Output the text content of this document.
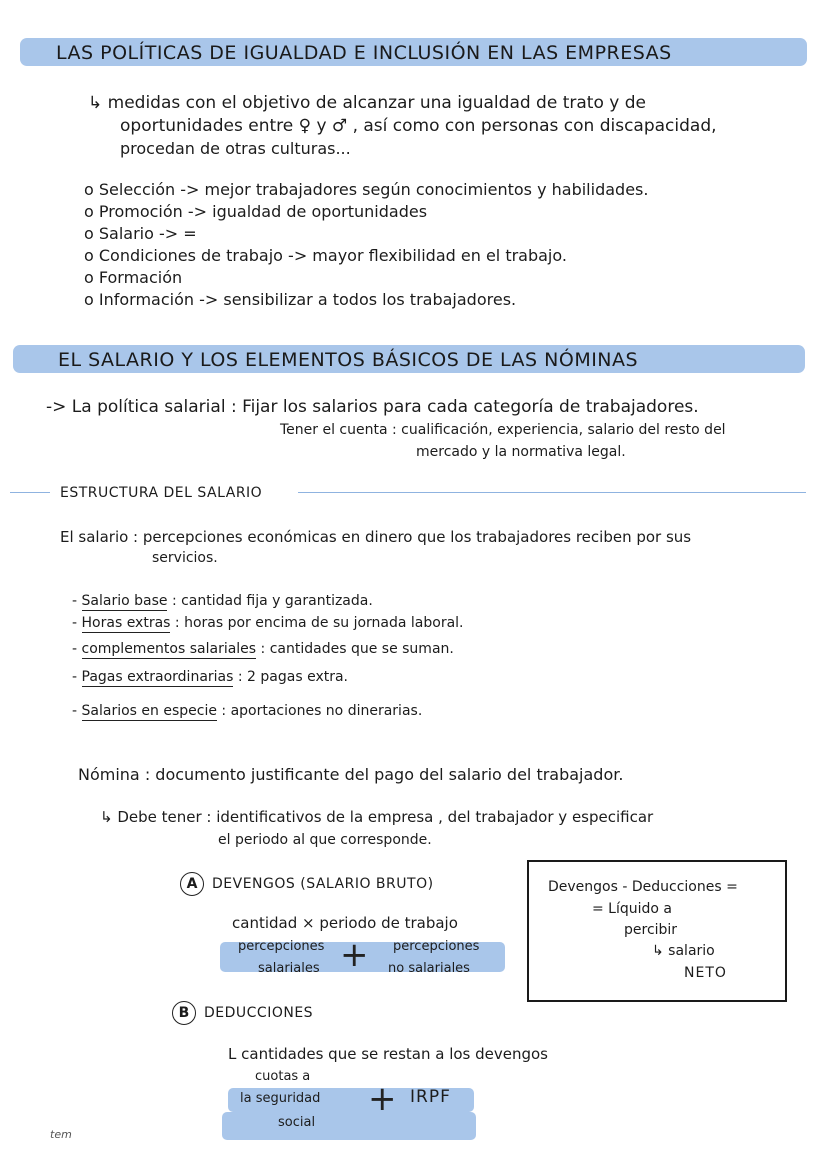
LAS POLÍTICAS DE IGUALDAD E INCLUSIÓN EN LAS EMPRESAS
↳ medidas con el objetivo de alcanzar una igualdad de trato y de
oportunidades entre ♀ y ♂ , así como con personas con discapacidad,
procedan de otras culturas...
o Selección -> mejor trabajadores según conocimientos y habilidades.
o Promoción -> igualdad de oportunidades
o Salario -> =
o Condiciones de trabajo -> mayor flexibilidad en el trabajo.
o Formación
o Información -> sensibilizar a todos los trabajadores.
EL SALARIO Y LOS ELEMENTOS BÁSICOS DE LAS NÓMINAS
-> La política salarial : Fijar los salarios para cada categoría de trabajadores.
Tener el cuenta : cualificación, experiencia, salario del resto del
mercado y la normativa legal.
ESTRUCTURA DEL SALARIO
El salario : percepciones económicas en dinero que los trabajadores reciben por sus
servicios.
- Salario base : cantidad fija y garantizada.
- Horas extras : horas por encima de su jornada laboral.
- complementos salariales : cantidades que se suman.
- Pagas extraordinarias : 2 pagas extra.
- Salarios en especie : aportaciones no dinerarias.
Nómina : documento justificante del pago del salario del trabajador.
↳ Debe tener : identificativos de la empresa , del trabajador y especificar
el periodo al que corresponde.
A DEVENGOS (SALARIO BRUTO)
cantidad × periodo de trabajo
percepciones
salariales + percepciones
no salariales
Devengos - Deducciones =
= Líquido a
percibir
↳ salario
NETO
B DEDUCCIONES
L cantidades que se restan a los devengos
cuotas a
la seguridad
social
+ IRPF
tem
